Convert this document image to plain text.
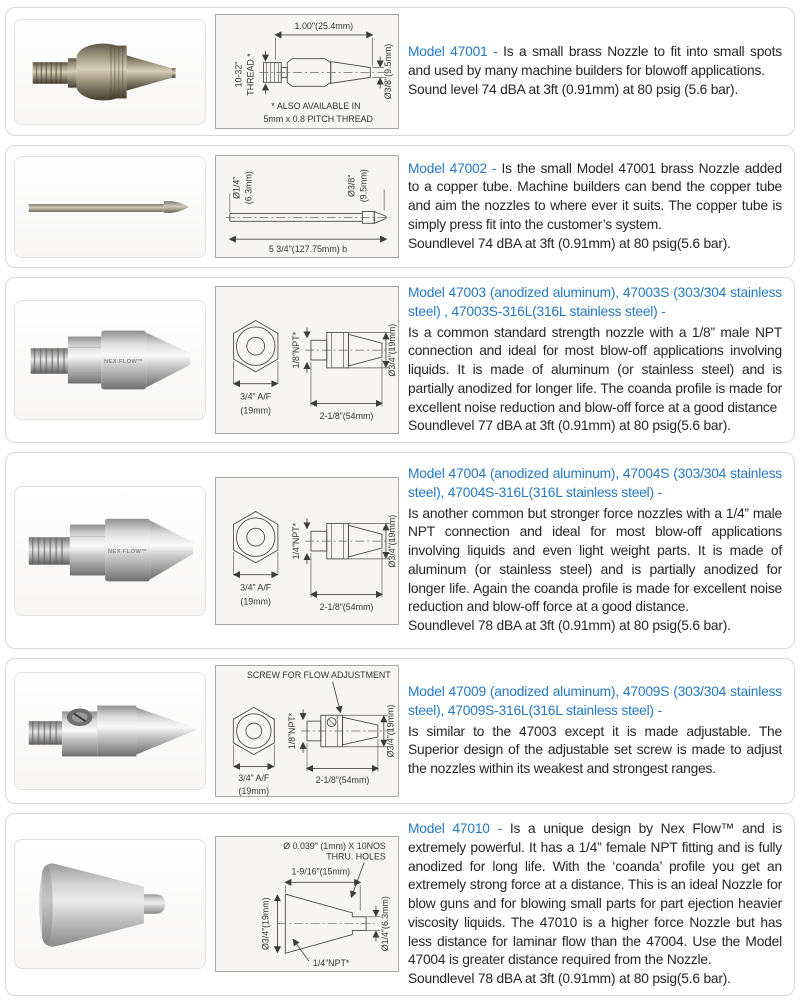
1.00"(25.4mm)
10-32" THREAD.*	Ø3/8"(9.5mm)
* ALSO AVAILABLE IN
5mm x 0.8 PITCH THREAD
Model 47001 - Is a small brass Nozzle to fit into small spots and used by many machine builders for blowoff applications.
Sound level 74 dBA at 3ft (0.91mm) at 80 psig (5.6 bar).
Ø1/4" (6.3mm)	Ø3/8" (9.5mm)
5 3/4"(127.75mm) b
Model 47002 - Is the small Model 47001 brass Nozzle added to a copper tube. Machine builders can bend the copper tube and aim the nozzles to where ever it suits. The copper tube is simply press fit into the customer’s system.
Soundlevel 74 dBA at 3ft (0.91mm) at 80 psig(5.6 bar).
NEX FLOW™
3/4” A/F
(19mm)
1/8”NPT*	Ø3/4”(19mm)
2-1/8”(54mm)
Model 47003 (anodized aluminum), 47003S (303/304 stainless steel) , 47003S-316L(316L stainless steel) -
Is a common standard strength nozzle with a 1/8” male NPT connection and ideal for most blow-off applications involving liquids. It is made of aluminum (or stainless steel) and is partially anodized for longer life. The coanda profile is made for excellent noise reduction and blow-off force at a good distance
Soundlevel 77 dBA at 3ft (0.91mm) at 80 psig(5.6 bar).
NEX FLOW™
3/4” A/F
(19mm)
1/4”NPT*	Ø3/4”(19mm)
2-1/8”(54mm)
Model 47004 (anodized aluminum), 47004S (303/304 stainless steel), 47004S-316L(316L stainless steel) -
Is another common but stronger force nozzles with a 1/4” male NPT connection and ideal for most blow-off applications involving liquids and even light weight parts. It is made of aluminum (or stainless steel) and is partially anodized for longer life. Again the coanda profile is made for excellent noise reduction and blow-off force at a good distance.
Soundlevel 78 dBA at 3ft (0.91mm) at 80 psig(5.6 bar).
SCREW FOR FLOW ADJUSTMENT
3/4” A/F
(19mm)
1/8”NPT*	Ø3/4”(19mm)
2-1/8”(54mm)
Model 47009 (anodized aluminum), 47009S (303/304 stainless steel), 47009S-316L(316L stainless steel) -
Is similar to the 47003 except it is made adjustable. The Superior design of the adjustable set screw is made to adjust the nozzles within its weakest and strongest ranges.
Ø 0.039" (1mm) X 10NOS
THRU. HOLES
1-9/16”(15mm)
Ø3/4”(19mm)	Ø1/4”(6.3mm)
1/4”NPT*
Model 47010 - Is a unique design by Nex Flow™ and is extremely powerful. It has a 1/4” female NPT fitting and is fully anodized for long life. With the ‘coanda’ profile you get an extremely strong force at a distance. This is an ideal Nozzle for blow guns and for blowing small parts for part ejection heavier viscosity liquids. The 47010 is a higher force Nozzle but has less distance for laminar flow than the 47004. Use the Model 47004 is greater distance required from the Nozzle.
Soundlevel 78 dBA at 3ft (0.91mm) at 80 psig(5.6 bar).
